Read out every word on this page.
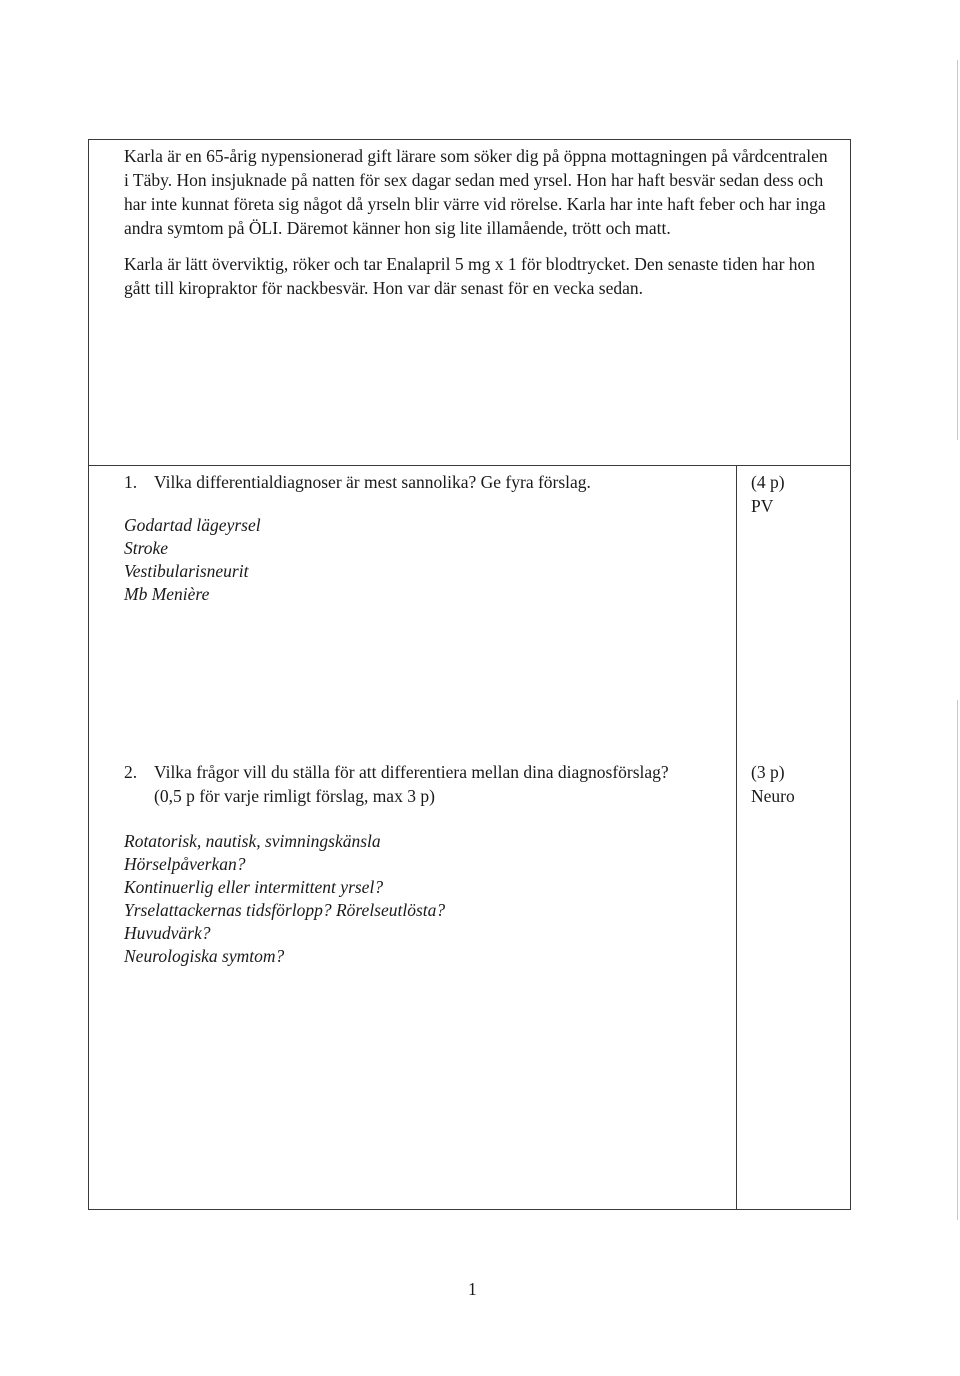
Karla är en 65-årig nypensionerad gift lärare som söker dig på öppna mottagningen på vårdcentralen i Täby. Hon insjuknade på natten för sex dagar sedan med yrsel. Hon har haft besvär sedan dess och har inte kunnat företa sig något då yrseln blir värre vid rörelse. Karla har inte haft feber och har inga andra symtom på ÖLI. Däremot känner hon sig lite illamående, trött och matt.

Karla är lätt överviktig, röker och tar Enalapril 5 mg x 1 för blodtrycket. Den senaste tiden har hon gått till kiropraktor för nackbesvär. Hon var där senast för en vecka sedan.

1. Vilka differentialdiagnoser är mest sannolika? Ge fyra förslag.
Godartad lägeyrsel
Stroke
Vestibularisneurit
Mb Menière
(4 p)
PV
2. Vilka frågor vill du ställa för att differentiera mellan dina diagnosförslag?
(0,5 p för varje rimligt förslag, max 3 p)
Rotatorisk, nautisk, svimningskänsla
Hörselpåverkan?
Kontinuerlig eller intermittent yrsel?
Yrselattackernas tidsförlopp? Rörelseutlösta?
Huvudvärk?
Neurologiska symtom?
(3 p)
Neuro
1
